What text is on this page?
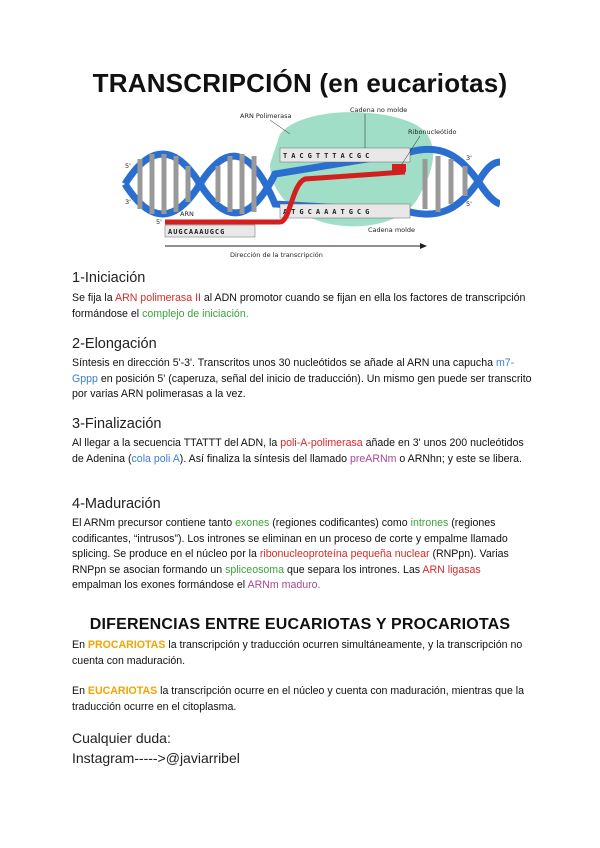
TRANSCRIPCIÓN (en eucariotas)
TACGTTTACGC
ATGCAAATGCG
AUGCAAAUGCG
ARN Polimerasa
Cadena no molde
Ribonucleótido
ARN
Cadena molde
5'
3'
5'
3'
5'
Dirección de la transcripción
1-Iniciación
Se fija la ARN polimerasa II al ADN promotor cuando se fijan en ella los factores de transcripción formándose el complejo de iniciación.
2-Elongación
Síntesis en dirección 5'-3'. Transcritos unos 30 nucleótidos se añade al ARN una capucha m7-Gppp en posición 5' (caperuza, señal del inicio de traducción). Un mismo gen puede ser transcrito por varias ARN polimerasas a la vez.
3-Finalización
Al llegar a la secuencia TTATTT del ADN, la poli-A-polimerasa añade en 3' unos 200 nucleótidos de Adenina (cola poli A). Así finaliza la síntesis del llamado preARNm o ARNhn; y este se libera.
4-Maduración
El ARNm precursor contiene tanto exones (regiones codificantes) como intrones (regiones codificantes, “intrusos”). Los intrones se eliminan en un proceso de corte y empalme llamado splicing. Se produce en el núcleo por la ribonucleoproteína pequeña nuclear (RNPpn). Varias RNPpn se asocian formando un spliceosoma que separa los intrones. Las ARN ligasas empalman los exones formándose el ARNm maduro.
DIFERENCIAS ENTRE EUCARIOTAS Y PROCARIOTAS
En PROCARIOTAS la transcripción y traducción ocurren simultáneamente, y la transcripción no cuenta con maduración.
En EUCARIOTAS la transcripción ocurre en el núcleo y cuenta con maduración, mientras que la traducción ocurre en el citoplasma.
Cualquier duda:
Instagram----->@javiarribel
